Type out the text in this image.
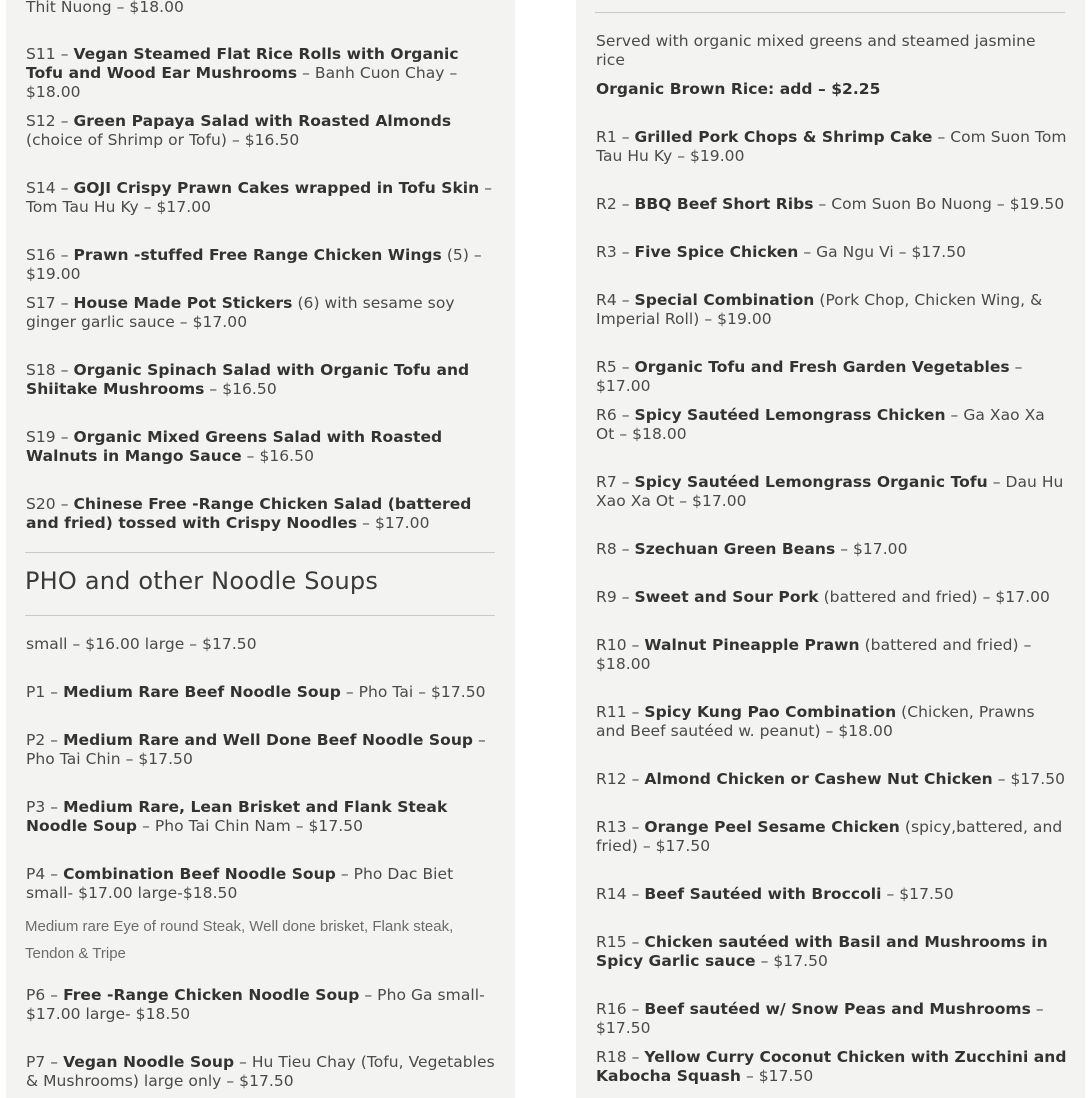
Thit Nuong – $18.00
S11 – Vegan Steamed Flat Rice Rolls with Organic Tofu and Wood Ear Mushrooms – Banh Cuon Chay – $18.00
S12 – Green Papaya Salad with Roasted Almonds (choice of Shrimp or Tofu) – $16.50
S14 – GOJI Crispy Prawn Cakes wrapped in Tofu Skin –Tom Tau Hu Ky – $17.00
S16 – Prawn -stuffed Free Range Chicken Wings (5) – $19.00
S17 – House Made Pot Stickers (6) with sesame soy ginger garlic sauce – $17.00
S18 – Organic Spinach Salad with Organic Tofu and Shiitake Mushrooms – $16.50
S19 – Organic Mixed Greens Salad with Roasted Walnuts in Mango Sauce – $16.50
S20 – Chinese Free -Range Chicken Salad (battered and fried) tossed with Crispy Noodles – $17.00
PHO and other Noodle Soups
small – $16.00 large – $17.50
P1 – Medium Rare Beef Noodle Soup – Pho Tai – $17.50
P2 – Medium Rare and Well Done Beef Noodle Soup – Pho Tai Chin – $17.50
P3 – Medium Rare, Lean Brisket and Flank Steak Noodle Soup – Pho Tai Chin Nam – $17.50
P4 – Combination Beef Noodle Soup – Pho Dac Biet small- $17.00 large-$18.50
Medium rare Eye of round Steak, Well done brisket, Flank steak, Tendon & Tripe
P6 – Free -Range Chicken Noodle Soup – Pho Ga small- $17.00 large- $18.50
P7 – Vegan Noodle Soup – Hu Tieu Chay (Tofu, Vegetables & Mushrooms) large only – $17.50
Served with organic mixed greens and steamed jasmine rice
Organic Brown Rice: add – $2.25
R1 – Grilled Pork Chops & Shrimp Cake – Com Suon Tom Tau Hu Ky – $19.00
R2 – BBQ Beef Short Ribs – Com Suon Bo Nuong – $19.50
R3 – Five Spice Chicken – Ga Ngu Vi – $17.50
R4 – Special Combination (Pork Chop, Chicken Wing, & Imperial Roll) – $19.00
R5 – Organic Tofu and Fresh Garden Vegetables – $17.00
R6 – Spicy Sautéed Lemongrass Chicken – Ga Xao Xa Ot – $18.00
R7 – Spicy Sautéed Lemongrass Organic Tofu – Dau Hu Xao Xa Ot – $17.00
R8 – Szechuan Green Beans – $17.00
R9 – Sweet and Sour Pork (battered and fried) – $17.00
R10 – Walnut Pineapple Prawn (battered and fried) – $18.00
R11 – Spicy Kung Pao Combination (Chicken, Prawns and Beef sautéed w. peanut) – $18.00
R12 – Almond Chicken or Cashew Nut Chicken – $17.50
R13 – Orange Peel Sesame Chicken (spicy,battered, and fried) – $17.50
R14 – Beef Sautéed with Broccoli – $17.50
R15 – Chicken sautéed with Basil and Mushrooms in Spicy Garlic sauce – $17.50
R16 – Beef sautéed w/ Snow Peas and Mushrooms – $17.50
R18 – Yellow Curry Coconut Chicken with Zucchini and Kabocha Squash – $17.50
